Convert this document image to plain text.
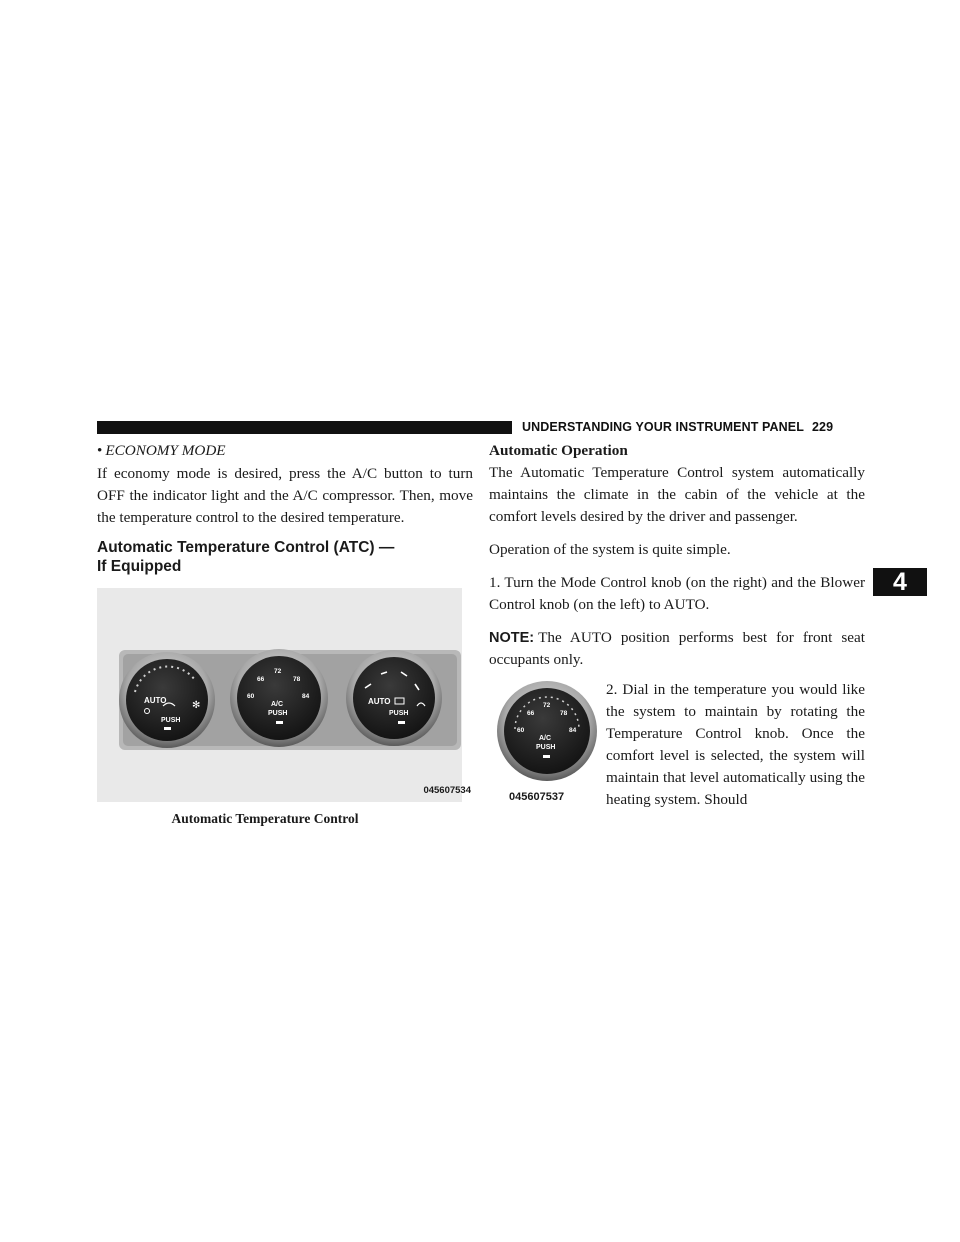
UNDERSTANDING YOUR INSTRUMENT PANEL 229
4
• ECONOMY MODE

If economy mode is desired, press the A/C button to turn OFF the indicator light and the A/C compressor. Then, move the temperature control to the desired temperature.

Automatic Temperature Control (ATC) —
If Equipped
AUTO
PUSH
✻
66
72
78
60	84
A/C
PUSH
AUTO
PUSH
045607534
Automatic Temperature Control
Automatic Operation

The Automatic Temperature Control system automatically maintains the climate in the cabin of the vehicle at the comfort levels desired by the driver and passenger.

Operation of the system is quite simple.

1. Turn the Mode Control knob (on the right) and the Blower Control knob (on the left) to AUTO.

NOTE: The AUTO position performs best for front seat occupants only.

66
72
78
60	84
A/C
PUSH
045607537

2. Dial in the temperature you would like the system to maintain by rotating the Temperature Control knob. Once the comfort level is selected, the system will maintain that level automatically using the heating system. Should
